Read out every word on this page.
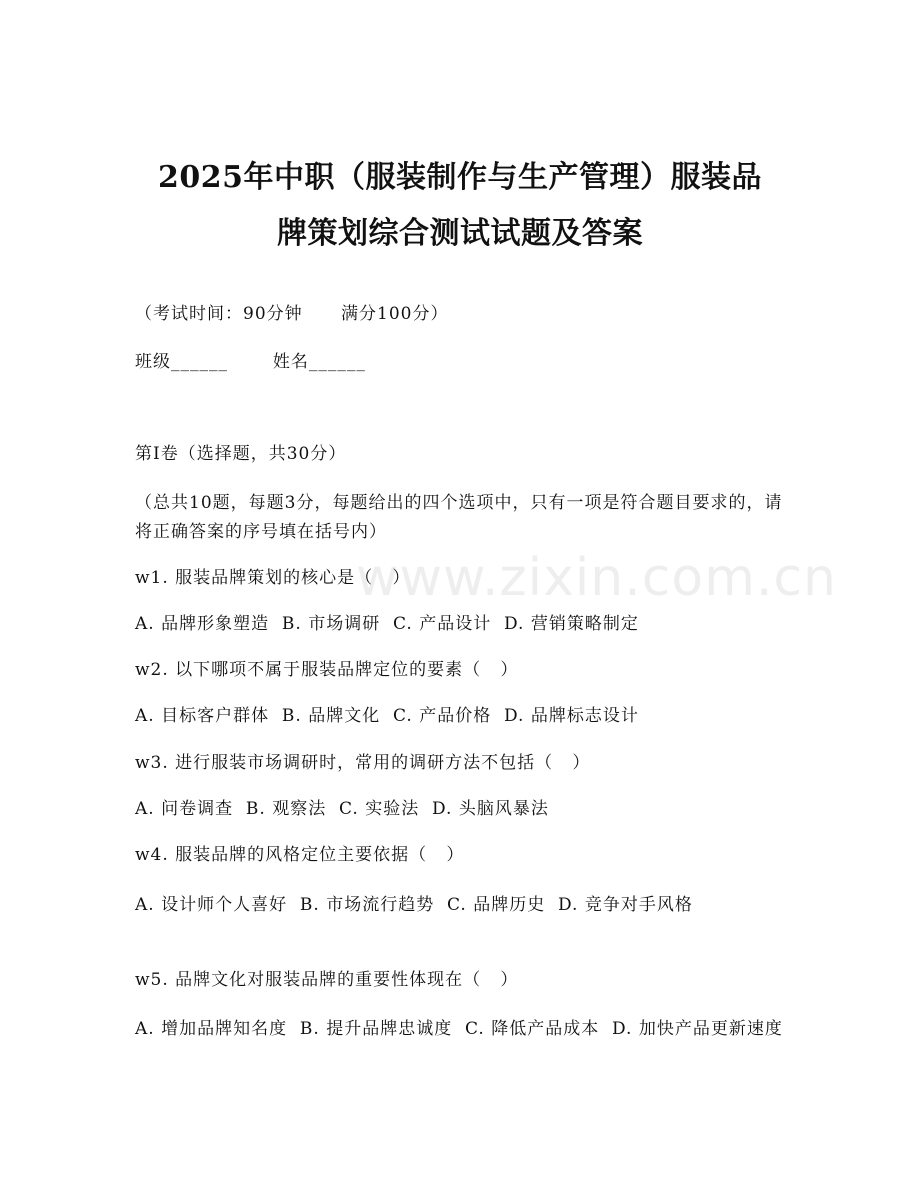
www.zixin.com.cn
2025年中职（服装制作与生产管理）服装品
牌策划综合测试试题及答案
（考试时间：90分钟      满分100分）
班级______       姓名______
第I卷（选择题，共30分）
（总共10题，每题3分，每题给出的四个选项中，只有一项是符合题目要求的，请将正确答案的序号填在括号内）
w1. 服装品牌策划的核心是（   ）
A. 品牌形象塑造  B. 市场调研  C. 产品设计  D. 营销策略制定
w2. 以下哪项不属于服装品牌定位的要素（   ）
A. 目标客户群体  B. 品牌文化  C. 产品价格  D. 品牌标志设计
w3. 进行服装市场调研时，常用的调研方法不包括（   ）
A. 问卷调查  B. 观察法  C. 实验法  D. 头脑风暴法
w4. 服装品牌的风格定位主要依据（   ）
A. 设计师个人喜好  B. 市场流行趋势  C. 品牌历史  D. 竞争对手风格
w5. 品牌文化对服装品牌的重要性体现在（   ）
A. 增加品牌知名度  B. 提升品牌忠诚度  C. 降低产品成本  D. 加快产品更新速度
